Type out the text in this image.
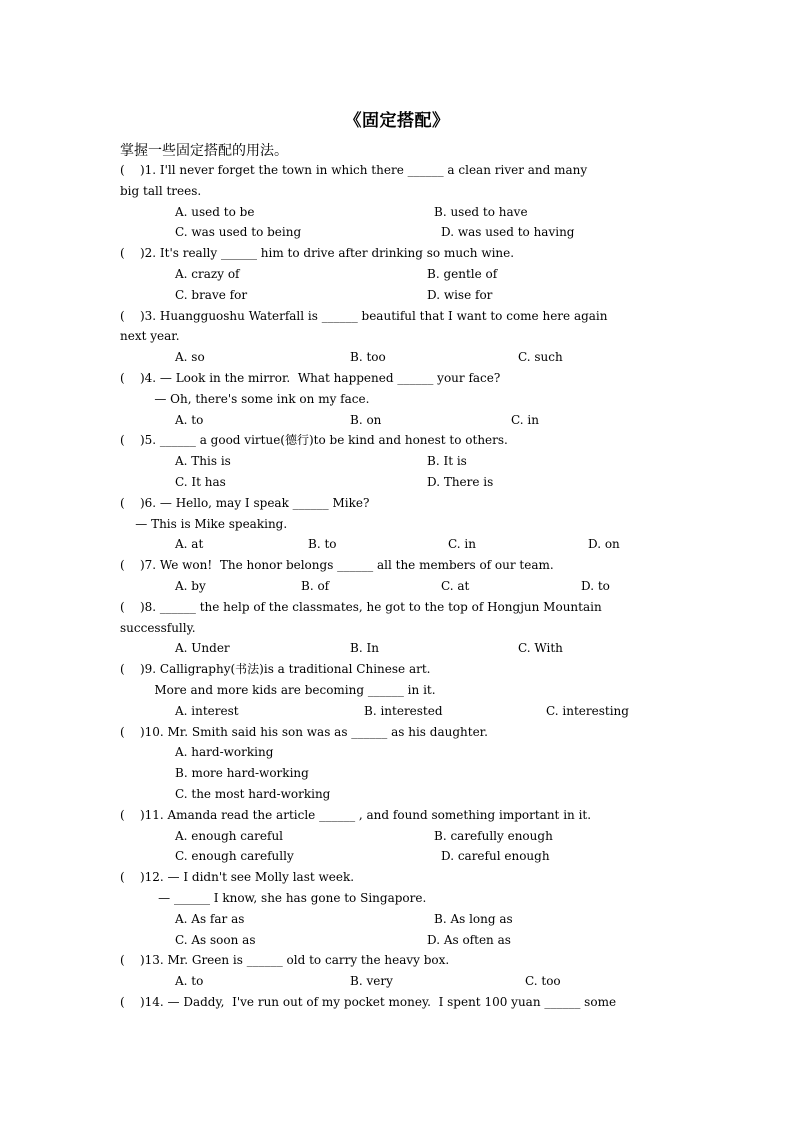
《固定搭配》
掌握一些固定搭配的用法。
(    )1. I'll never forget the town in which there ______ a clean river and many
big tall trees.
A. used to be	B. used to have
C. was used to being	D. was used to having
(    )2. It's really ______ him to drive after drinking so much wine.
A. crazy of	B. gentle of
C. brave for	D. wise for
(    )3. Huangguoshu Waterfall is ______ beautiful that I want to come here again
next year.
A. so	B. too	C. such
(    )4. — Look in the mirror.  What happened ______ your face?
— Oh, there's some ink on my face.
A. to	B. on	C. in
(    )5. ______ a good virtue(德行)to be kind and honest to others.
A. This is	B. It is
C. It has	D. There is
(    )6. — Hello, may I speak ______ Mike?
— This is Mike speaking.
A. at	B. to	C. in	D. on
(    )7. We won!  The honor belongs ______ all the members of our team.
A. by	B. of	C. at	D. to
(    )8. ______ the help of the classmates, he got to the top of Hongjun Mountain
successfully.
A. Under	B. In	C. With
(    )9. Calligraphy(书法)is a traditional Chinese art.
More and more kids are becoming ______ in it.
A. interest	B. interested	C. interesting
(    )10. Mr. Smith said his son was as ______ as his daughter.
A. hard-working
B. more hard-working
C. the most hard-working
(    )11. Amanda read the article ______ , and found something important in it.
A. enough careful	B. carefully enough
C. enough carefully	D. careful enough
(    )12. — I didn't see Molly last week.
— ______ I know, she has gone to Singapore.
A. As far as	B. As long as
C. As soon as	D. As often as
(    )13. Mr. Green is ______ old to carry the heavy box.
A. to	B. very	C. too
(    )14. — Daddy,  I've run out of my pocket money.  I spent 100 yuan ______ some
